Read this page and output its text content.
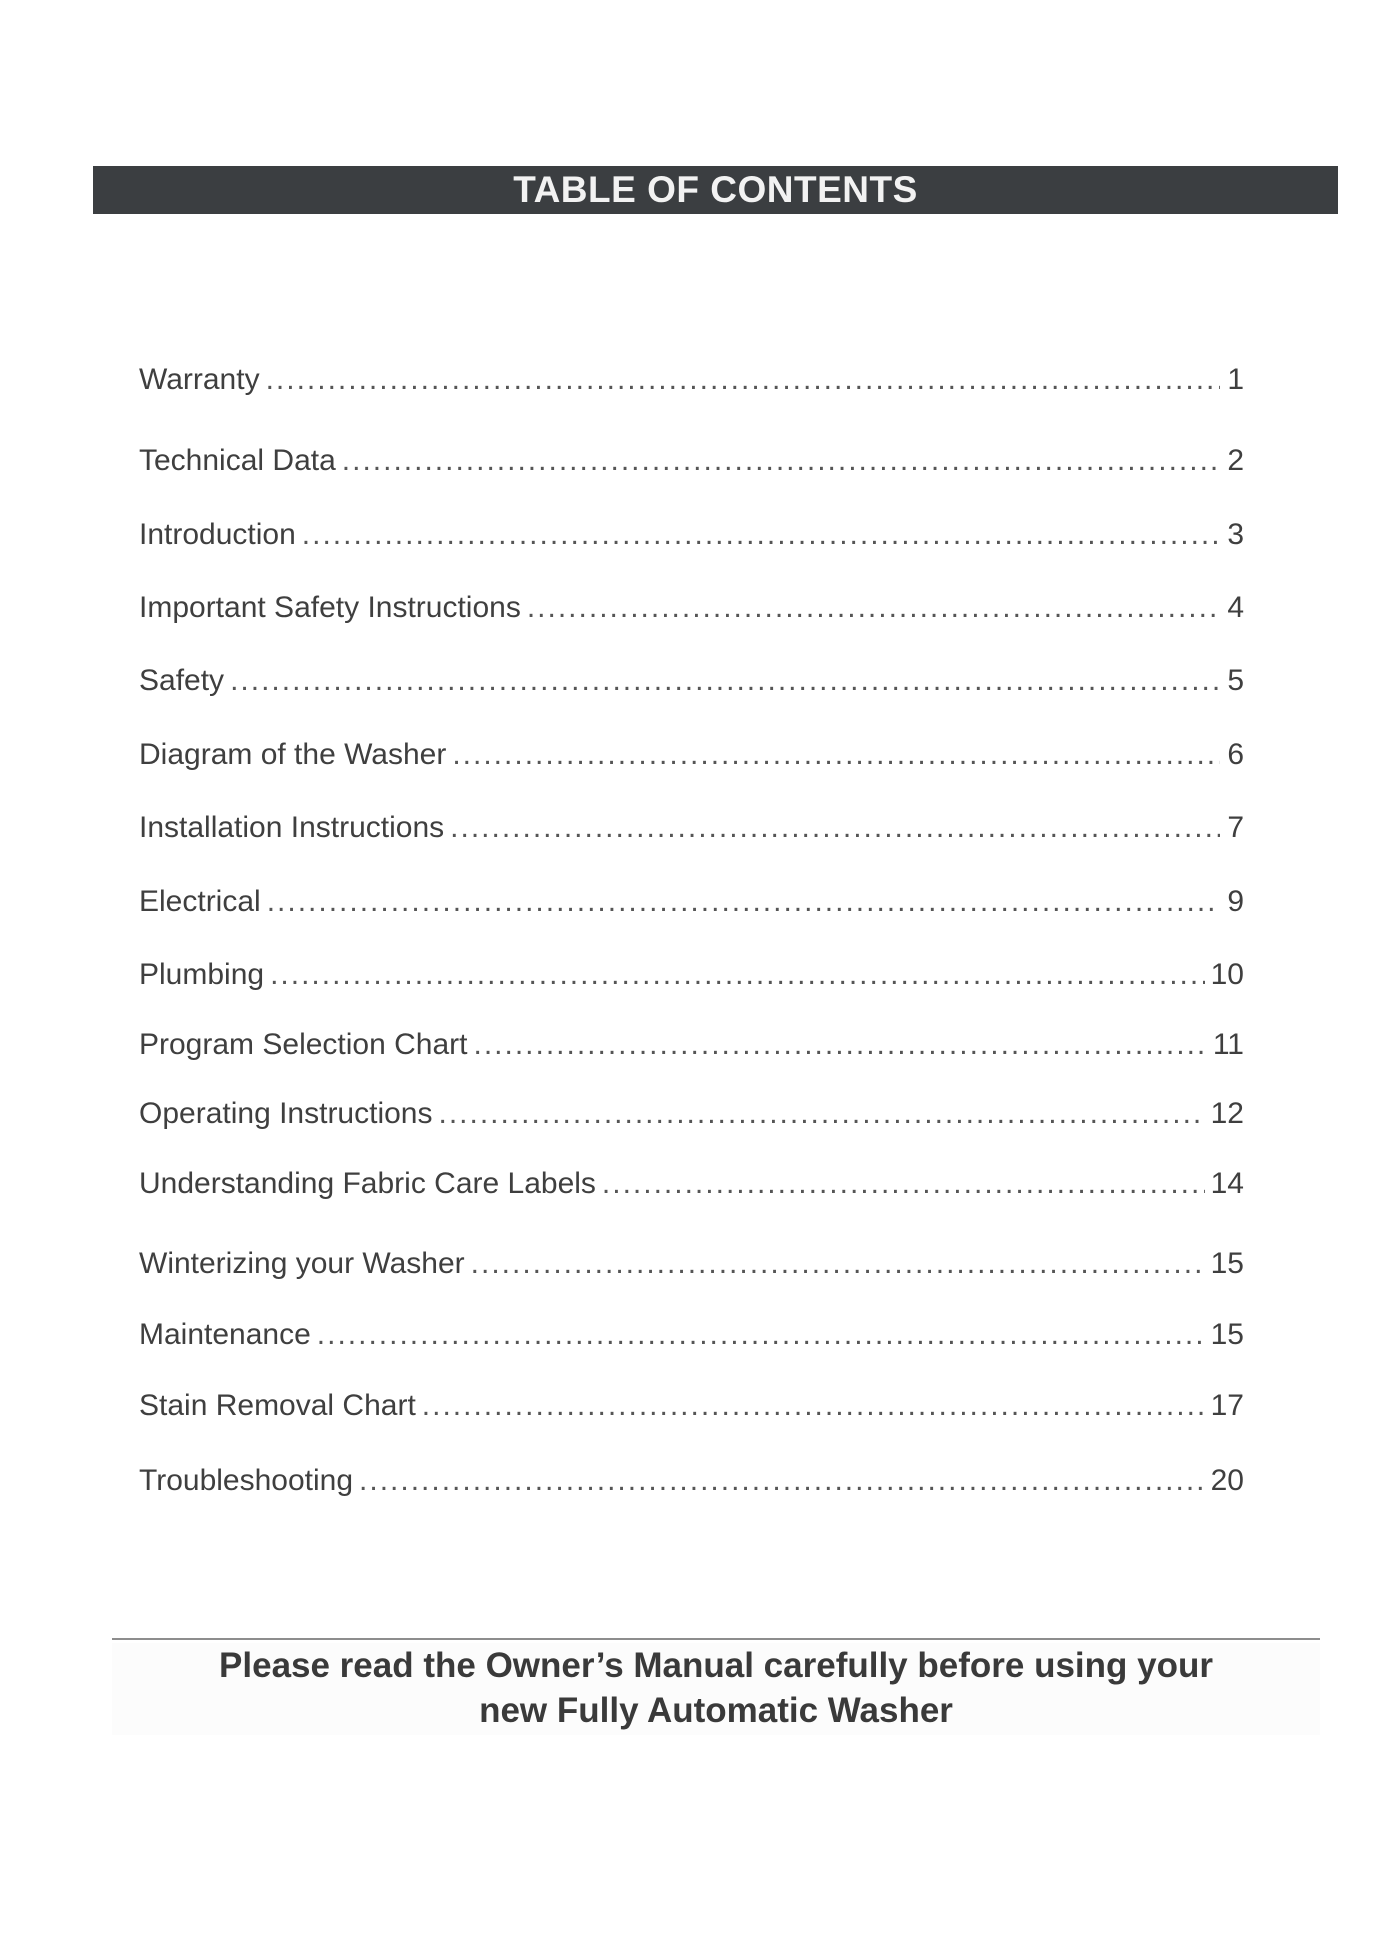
TABLE OF CONTENTS
Warranty .....	1
Technical Data .....	2
Introduction .....	3
Important Safety Instructions .....	4
Safety .....	5
Diagram of the Washer .....	6
Installation Instructions .....	7
Electrical .....	9
Plumbing .....	10
Program Selection Chart .....	11
Operating Instructions .....	12
Understanding Fabric Care Labels .....	14
Winterizing your Washer .....	15
Maintenance .....	15
Stain Removal Chart .....	17
Troubleshooting .....	20

Please read the Owner’s Manual carefully before using your

new Fully Automatic Washer
